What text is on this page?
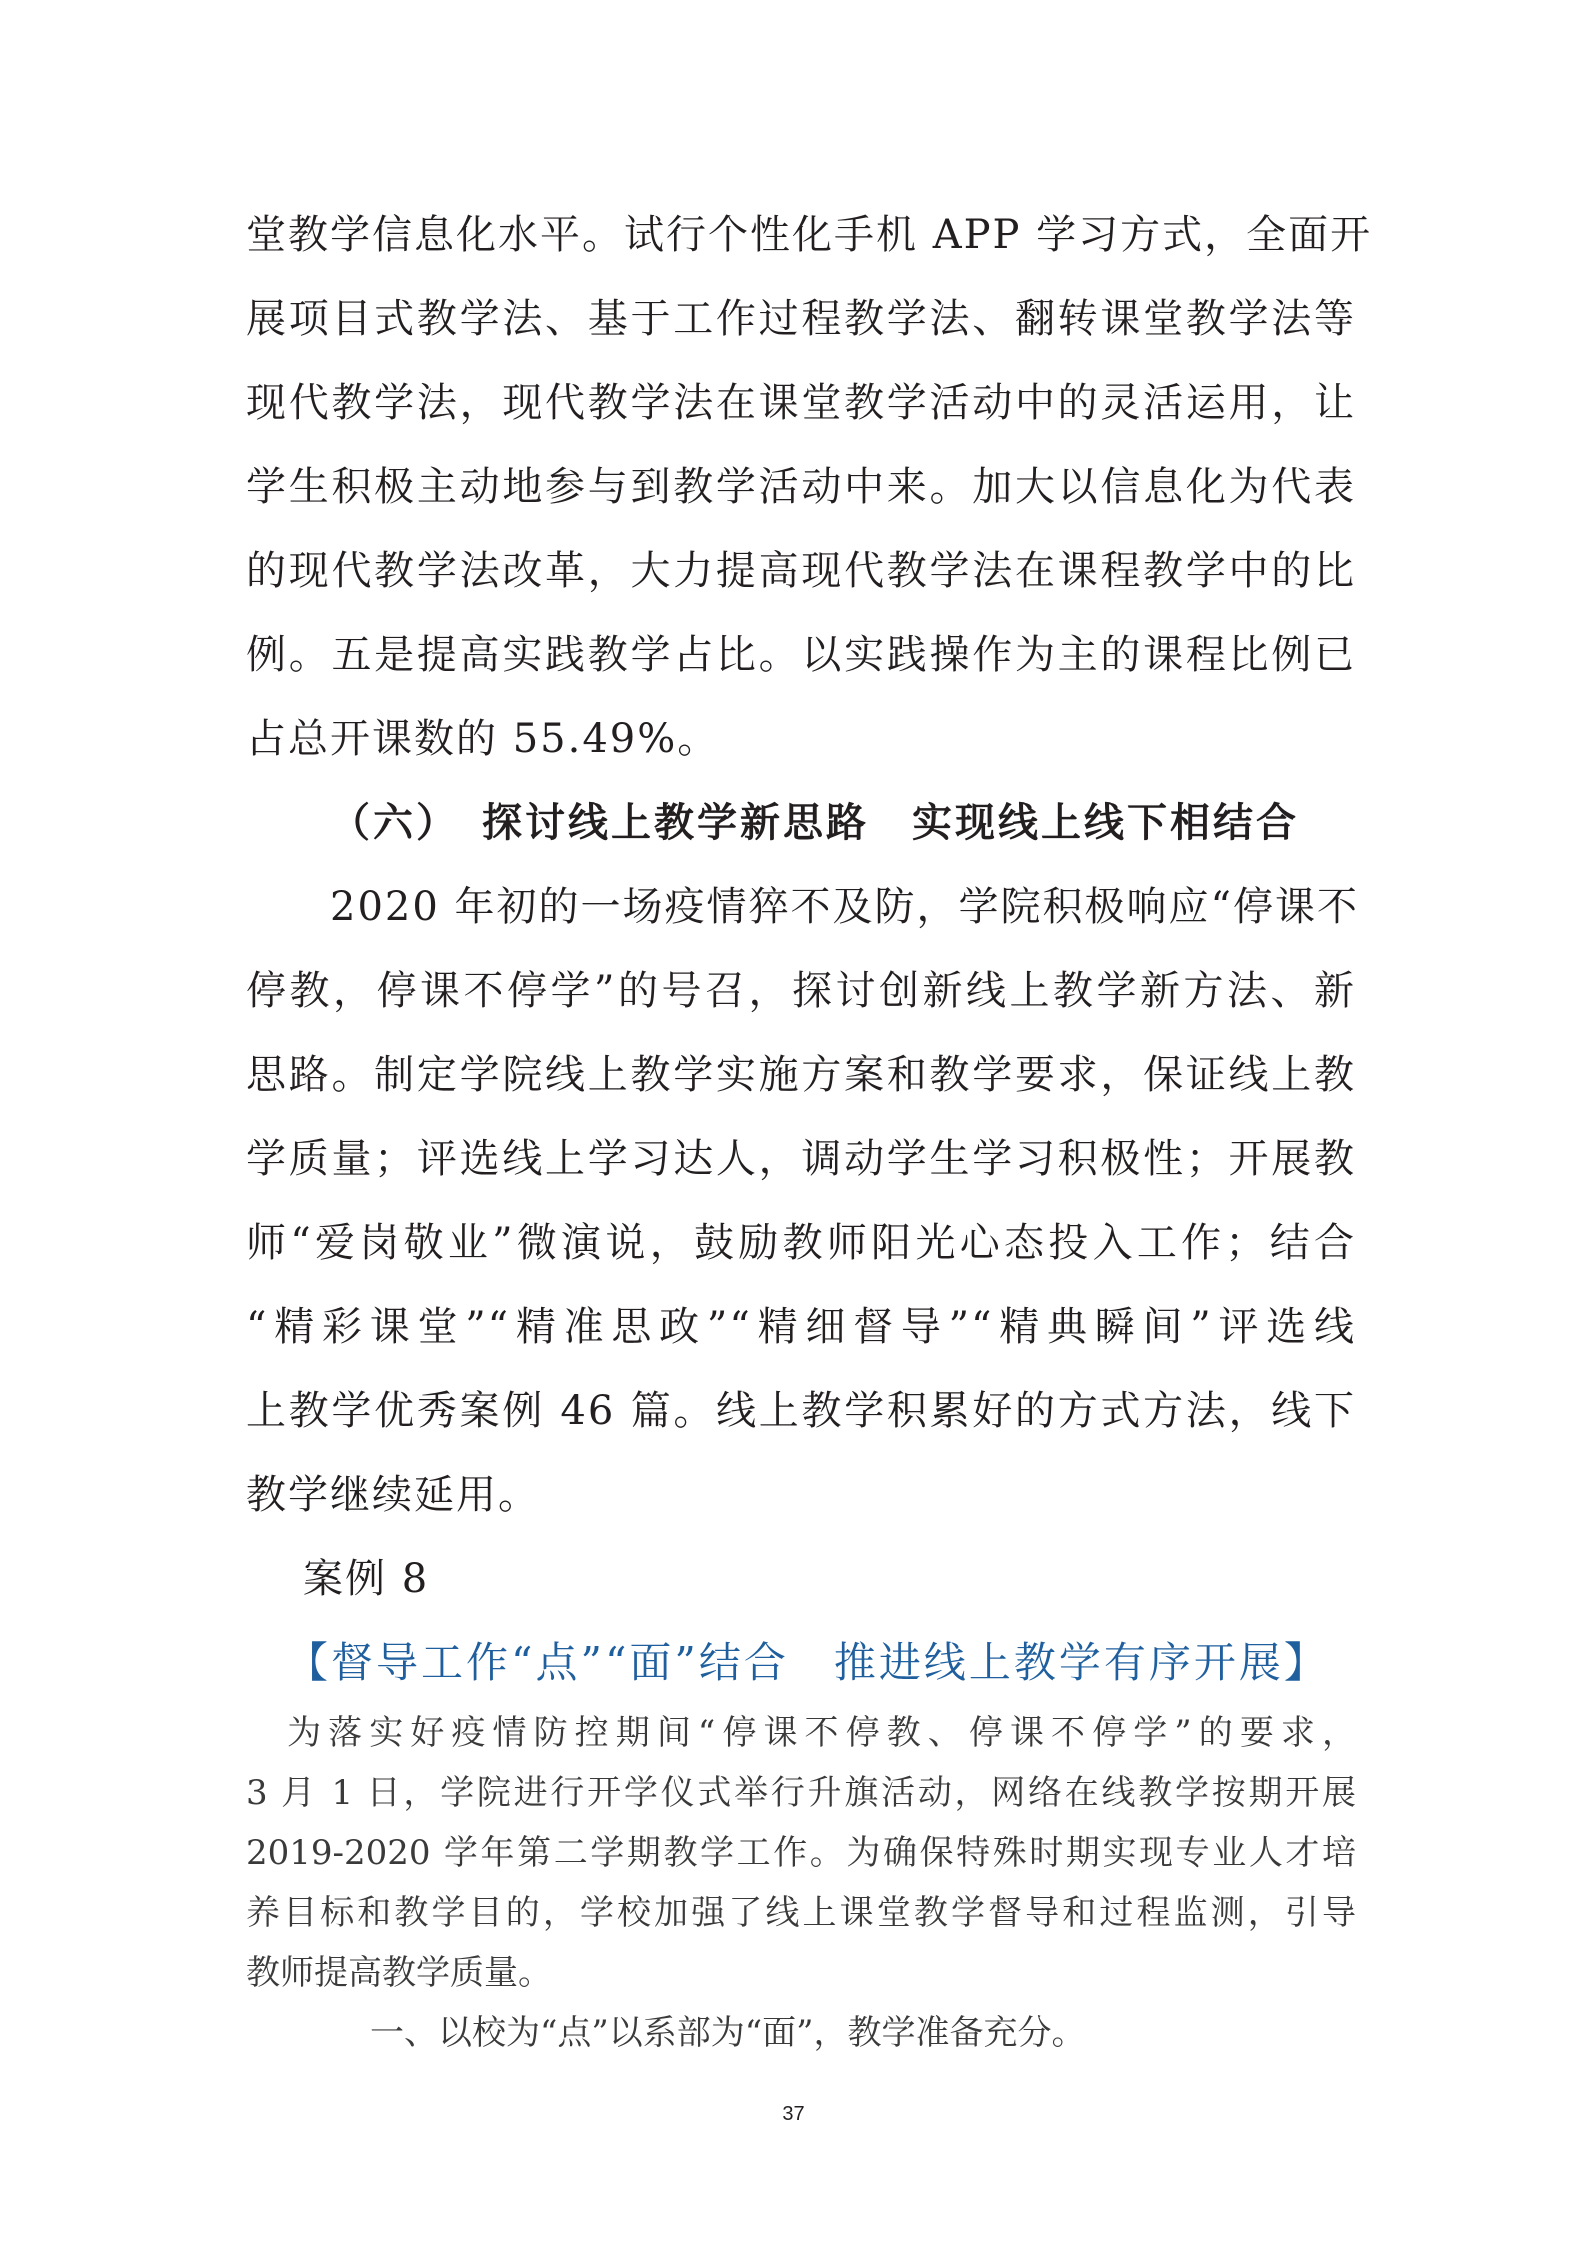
堂教学信息化水平。试行个性化手机 APP 学习方式，全面开
展项目式教学法、基于工作过程教学法、翻转课堂教学法等
现代教学法，现代教学法在课堂教学活动中的灵活运用，让
学生积极主动地参与到教学活动中来。加大以信息化为代表
的现代教学法改革，大力提高现代教学法在课程教学中的比
例。五是提高实践教学占比。以实践操作为主的课程比例已
占总开课数的 55.49%。
（六）　探讨线上教学新思路　实现线上线下相结合
2020 年初的一场疫情猝不及防，学院积极响应“停课不
停教，停课不停学”的号召，探讨创新线上教学新方法、新
思路。制定学院线上教学实施方案和教学要求，保证线上教
学质量；评选线上学习达人，调动学生学习积极性；开展教
师“爱岗敬业”微演说，鼓励教师阳光心态投入工作；结合
“精彩课堂”“精准思政”“精细督导”“精典瞬间”评选线
上教学优秀案例 46 篇。线上教学积累好的方式方法，线下
教学继续延用。
案例 8
【督导工作“点”“面”结合　推进线上教学有序开展】
　为落实好疫情防控期间“停课不停教、停课不停学”的要求，
3 月 1 日，学院进行开学仪式举行升旗活动，网络在线教学按期开展
2019-2020 学年第二学期教学工作。为确保特殊时期实现专业人才培
养目标和教学目的，学校加强了线上课堂教学督导和过程监测，引导
教师提高教学质量。
一、以校为“点”以系部为“面”，教学准备充分。
37
